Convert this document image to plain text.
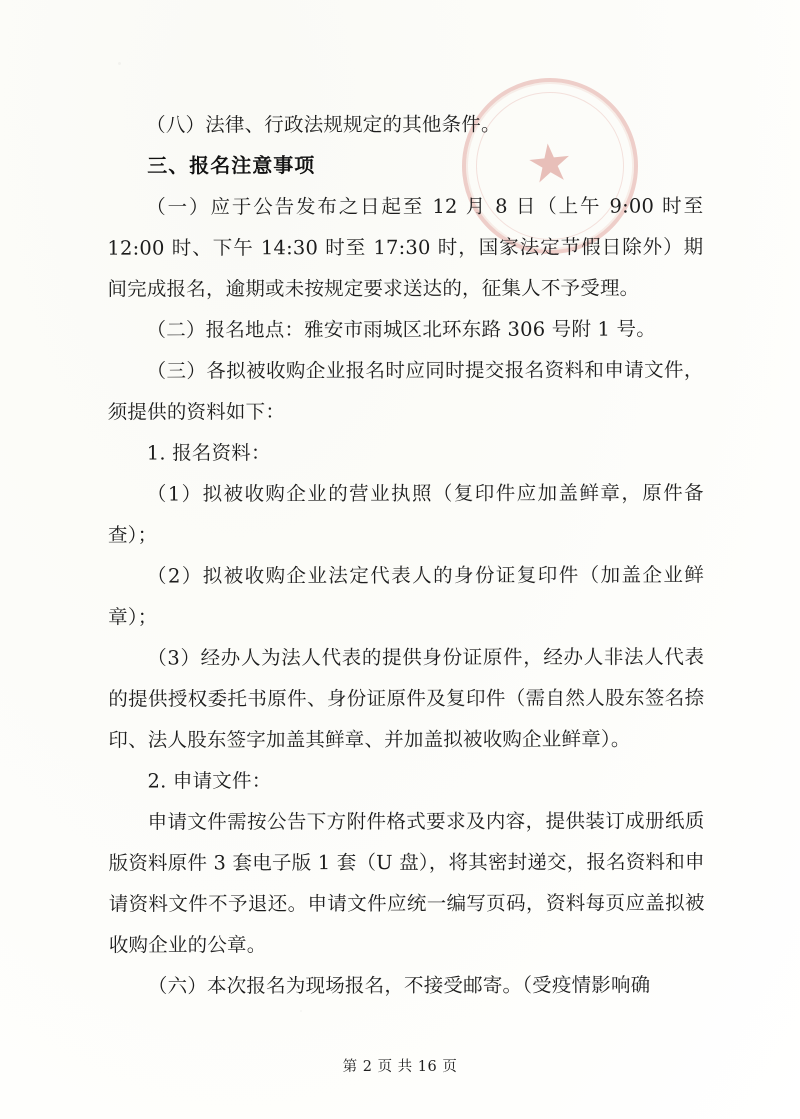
★

（八）法律、行政法规规定的其他条件。

三、报名注意事项

（一）应于公告发布之日起至 12 月 8 日（上午 9:00 时至 12:00 时、下午 14:30 时至 17:30 时，国家法定节假日除外）期间完成报名，逾期或未按规定要求送达的，征集人不予受理。

（二）报名地点：雅安市雨城区北环东路 306 号附 1 号。

（三）各拟被收购企业报名时应同时提交报名资料和申请文件，须提供的资料如下：

1. 报名资料：

（1）拟被收购企业的营业执照（复印件应加盖鲜章，原件备查）；

（2）拟被收购企业法定代表人的身份证复印件（加盖企业鲜章）；

（3）经办人为法人代表的提供身份证原件，经办人非法人代表的提供授权委托书原件、身份证原件及复印件（需自然人股东签名捺印、法人股东签字加盖其鲜章、并加盖拟被收购企业鲜章）。

2. 申请文件：

申请文件需按公告下方附件格式要求及内容，提供装订成册纸质版资料原件 3 套电子版 1 套（U 盘），将其密封递交，报名资料和申请资料文件不予退还。申请文件应统一编写页码，资料每页应盖拟被收购企业的公章。

（六）本次报名为现场报名，不接受邮寄。（受疫情影响确

第 2 页 共 16 页
